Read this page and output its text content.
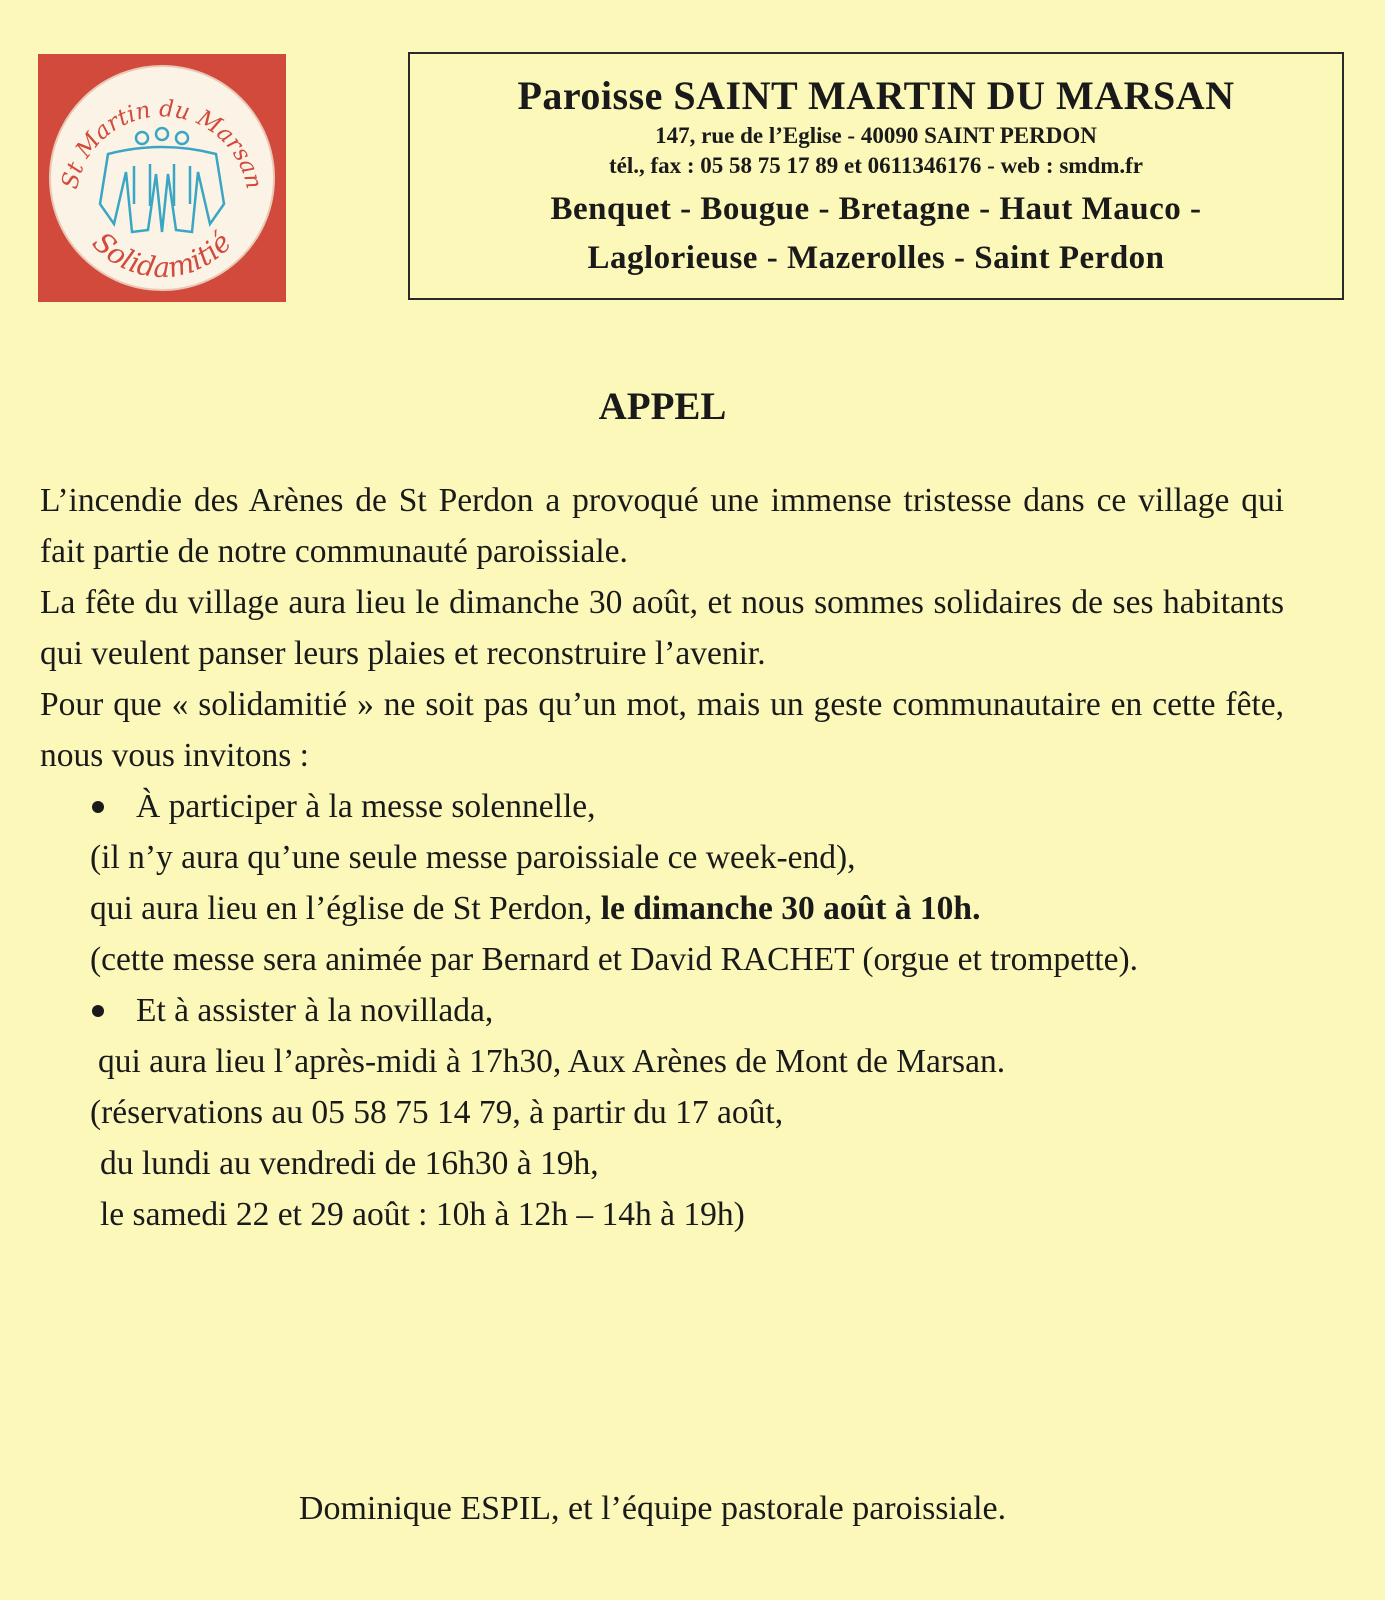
St Martin du Marsan
Solidamitié
Paroisse SAINT MARTIN DU MARSAN
147, rue de l’Eglise - 40090 SAINT PERDON
tél., fax : 05 58 75 17 89 et 0611346176 - web : smdm.fr
Benquet - Bougue - Bretagne - Haut Mauco -
Laglorieuse - Mazerolles - Saint Perdon
APPEL

L’incendie des Arènes de St Perdon a provoqué une immense tristesse dans ce village qui fait partie de notre communauté paroissiale.

La fête du village aura lieu le dimanche 30 août, et nous sommes solidaires de ses habitants qui veulent panser leurs plaies et reconstruire l’avenir.

Pour que « solidamitié » ne soit pas qu’un mot, mais un geste communautaire en cette fête, nous vous invitons :

À participer à la messe solennelle,
(il n’y aura qu’une seule messe paroissiale ce week-end),
qui aura lieu en l’église de St Perdon, le dimanche 30 août à 10h.

(cette messe sera animée par Bernard et David RACHET (orgue et trompette).

Et à assister à la novillada,

qui aura lieu l’après-midi à 17h30, Aux Arènes de Mont de Marsan.

(réservations au 05 58 75 14 79, à partir du 17 août,
du lundi au vendredi de 16h30 à 19h,
le samedi 22 et 29 août : 10h à 12h – 14h à 19h)
Dominique ESPIL, et l’équipe pastorale paroissiale.
